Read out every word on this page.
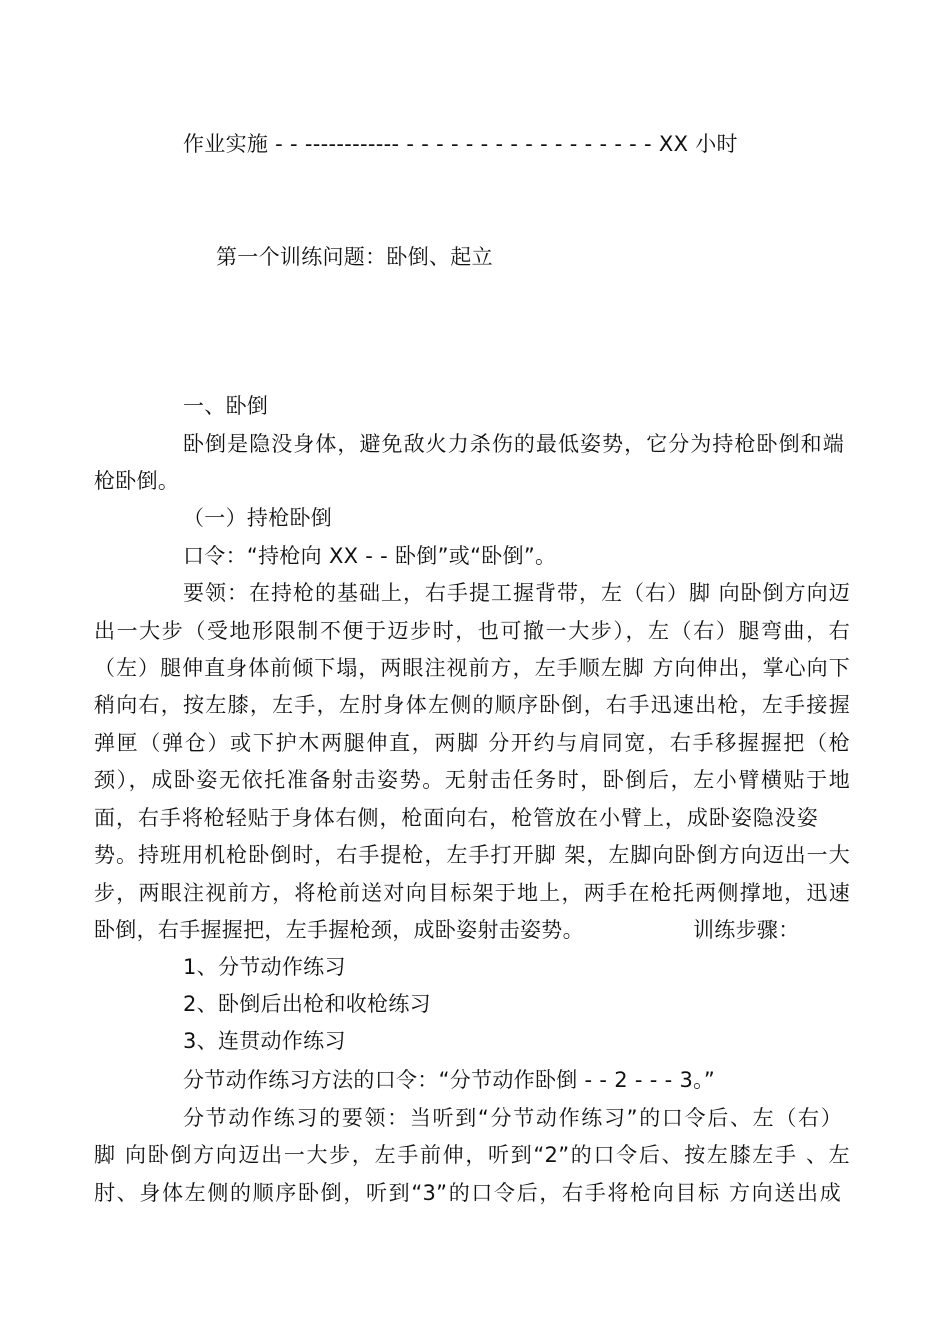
作业实施 - - ------------ - - - - - - - - - - - - - - - - - XX 小时
第一个训练问题：卧倒、起立
一、卧倒
卧倒是隐没身体，避免敌火力杀伤的最低姿势，它分为持枪卧倒和端
枪卧倒。
（一）持枪卧倒
口令：“持枪向 XX - - 卧倒”或“卧倒”。
要领：在持枪的基础上，右手提工握背带，左（右）脚 向卧倒方向迈
出一大步（受地形限制不便于迈步时，也可撤一大步），左（右）腿弯曲，右
（左）腿伸直身体前倾下塌，两眼注视前方，左手顺左脚 方向伸出，掌心向下
稍向右，按左膝，左手，左肘身体左侧的顺序卧倒，右手迅速出枪，左手接握
弹匣（弹仓）或下护木两腿伸直，两脚 分开约与肩同宽，右手移握握把（枪
颈），成卧姿无依托准备射击姿势。无射击任务时，卧倒后，左小臂横贴于地
面，右手将枪轻贴于身体右侧，枪面向右，枪管放在小臂上，成卧姿隐没姿
势。持班用机枪卧倒时，右手提枪，左手打开脚 架，左脚向卧倒方向迈出一大
步，两眼注视前方，将枪前送对向目标架于地上，两手在枪托两侧撑地，迅速
卧倒，右手握握把，左手握枪颈，成卧姿射击姿势。	训练步骤：
1、分节动作练习
2、卧倒后出枪和收枪练习
3、连贯动作练习
分节动作练习方法的口令：“分节动作卧倒 - - 2 - - - 3。”
分节动作练习的要领：当听到“分节动作练习”的口令后、左（右）
脚 向卧倒方向迈出一大步，左手前伸，听到“2”的口令后、按左膝左手 、左
肘、身体左侧的顺序卧倒，听到“3”的口令后，右手将枪向目标 方向送出成
